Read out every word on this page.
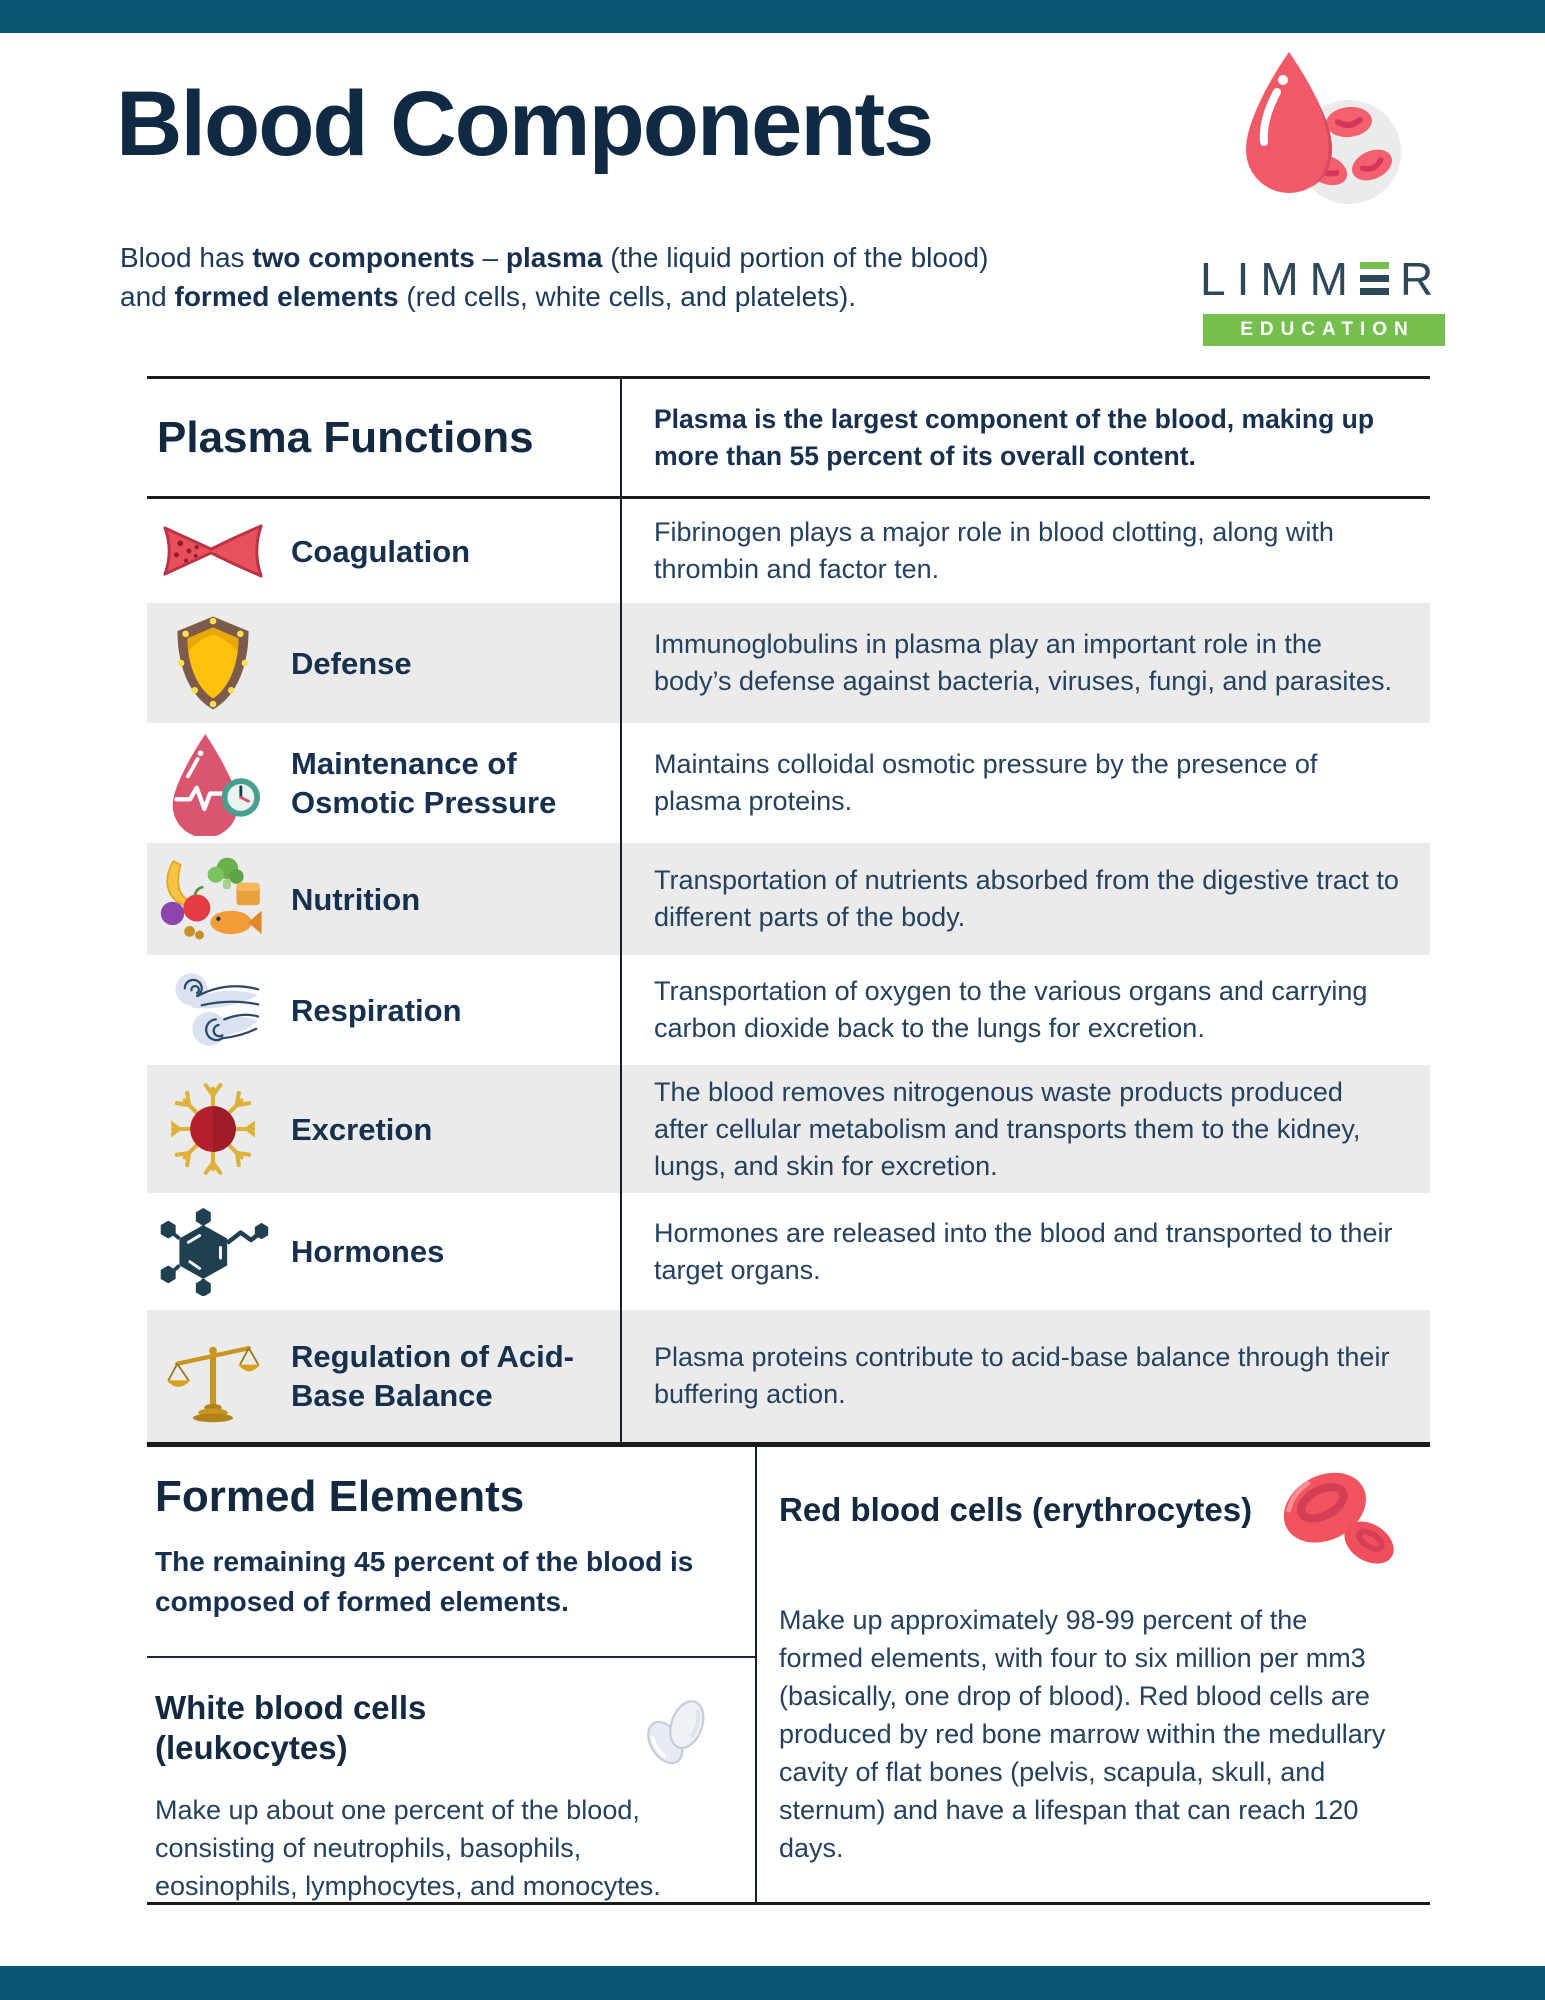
Blood Components
Blood has two components – plasma (the liquid portion of the blood) and formed elements (red cells, white cells, and platelets).	LIMM R
EDUCATION
Plasma Functions	Plasma is the largest component of the blood, making up more than 55 percent of its overall content.

Coagulation

Fibrinogen plays a major role in blood clotting, along with thrombin and factor ten.

Defense

Immunoglobulins in plasma play an important role in the body’s defense against bacteria, viruses, fungi, and parasites.

Maintenance of Osmotic Pressure

Maintains colloidal osmotic pressure by the presence of plasma proteins.

Nutrition

Transportation of nutrients absorbed from the digestive tract to different parts of the body.

Respiration

Transportation of oxygen to the various organs and carrying carbon dioxide back to the lungs for excretion.

Excretion

The blood removes nitrogenous waste products produced after cellular metabolism and transports them to the kidney, lungs, and skin for excretion.

Hormones

Hormones are released into the blood and transported to their target organs.

Regulation of Acid-Base Balance

Plasma proteins contribute to acid-base balance through their buffering action.

Formed Elements

The remaining 45 percent of the blood is composed of formed elements.

White blood cells (leukocytes)

Make up about one percent of the blood, consisting of neutrophils, basophils, eosinophils, lymphocytes, and monocytes.

Red blood cells (erythrocytes)

Make up approximately 98-99 percent of the formed elements, with four to six million per mm3 (basically, one drop of blood). Red blood cells are produced by red bone marrow within the medullary cavity of flat bones (pelvis, scapula, skull, and sternum) and have a lifespan that can reach 120 days.
